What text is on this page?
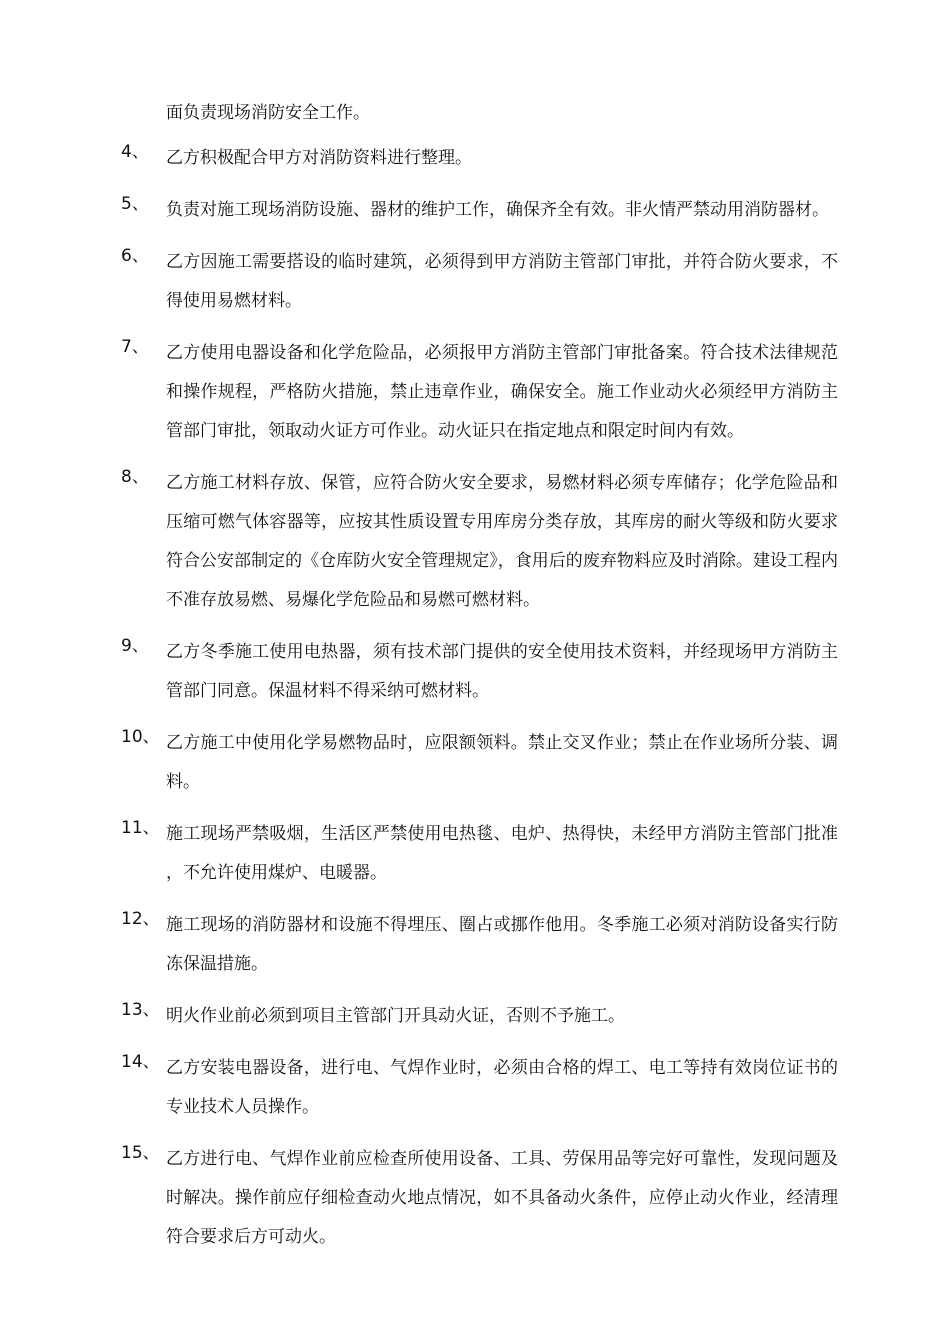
面负责现场消防安全工作。
4、 乙方积极配合甲方对消防资料进行整理。
5、 负责对施工现场消防设施、器材的维护工作，确保齐全有效。非火情严禁动用消防器材。
6、 乙方因施工需要搭设的临时建筑，必须得到甲方消防主管部门审批，并符合防火要求，不得使用易燃材料。
7、 乙方使用电器设备和化学危险品，必须报甲方消防主管部门审批备案。符合技术法律规范和操作规程，严格防火措施，禁止违章作业，确保安全。施工作业动火必须经甲方消防主管部门审批，领取动火证方可作业。动火证只在指定地点和限定时间内有效。
8、 乙方施工材料存放、保管，应符合防火安全要求，易燃材料必须专库储存；化学危险品和压缩可燃气体容器等，应按其性质设置专用库房分类存放，其库房的耐火等级和防火要求符合公安部制定的《仓库防火安全管理规定》，食用后的废弃物料应及时消除。建设工程内不准存放易燃、易爆化学危险品和易燃可燃材料。
9、 乙方冬季施工使用电热器，须有技术部门提供的安全使用技术资料，并经现场甲方消防主管部门同意。保温材料不得采纳可燃材料。
10、 乙方施工中使用化学易燃物品时，应限额领料。禁止交叉作业；禁止在作业场所分装、调料。
11、 施工现场严禁吸烟，生活区严禁使用电热毯、电炉、热得快，未经甲方消防主管部门批准，不允许使用煤炉、电暖器。
12、 施工现场的消防器材和设施不得埋压、圈占或挪作他用。冬季施工必须对消防设备实行防冻保温措施。
13、 明火作业前必须到项目主管部门开具动火证，否则不予施工。
14、 乙方安装电器设备，进行电、气焊作业时，必须由合格的焊工、电工等持有效岗位证书的专业技术人员操作。
15、 乙方进行电、气焊作业前应检查所使用设备、工具、劳保用品等完好可靠性，发现问题及时解决。操作前应仔细检查动火地点情况，如不具备动火条件，应停止动火作业，经清理符合要求后方可动火。
